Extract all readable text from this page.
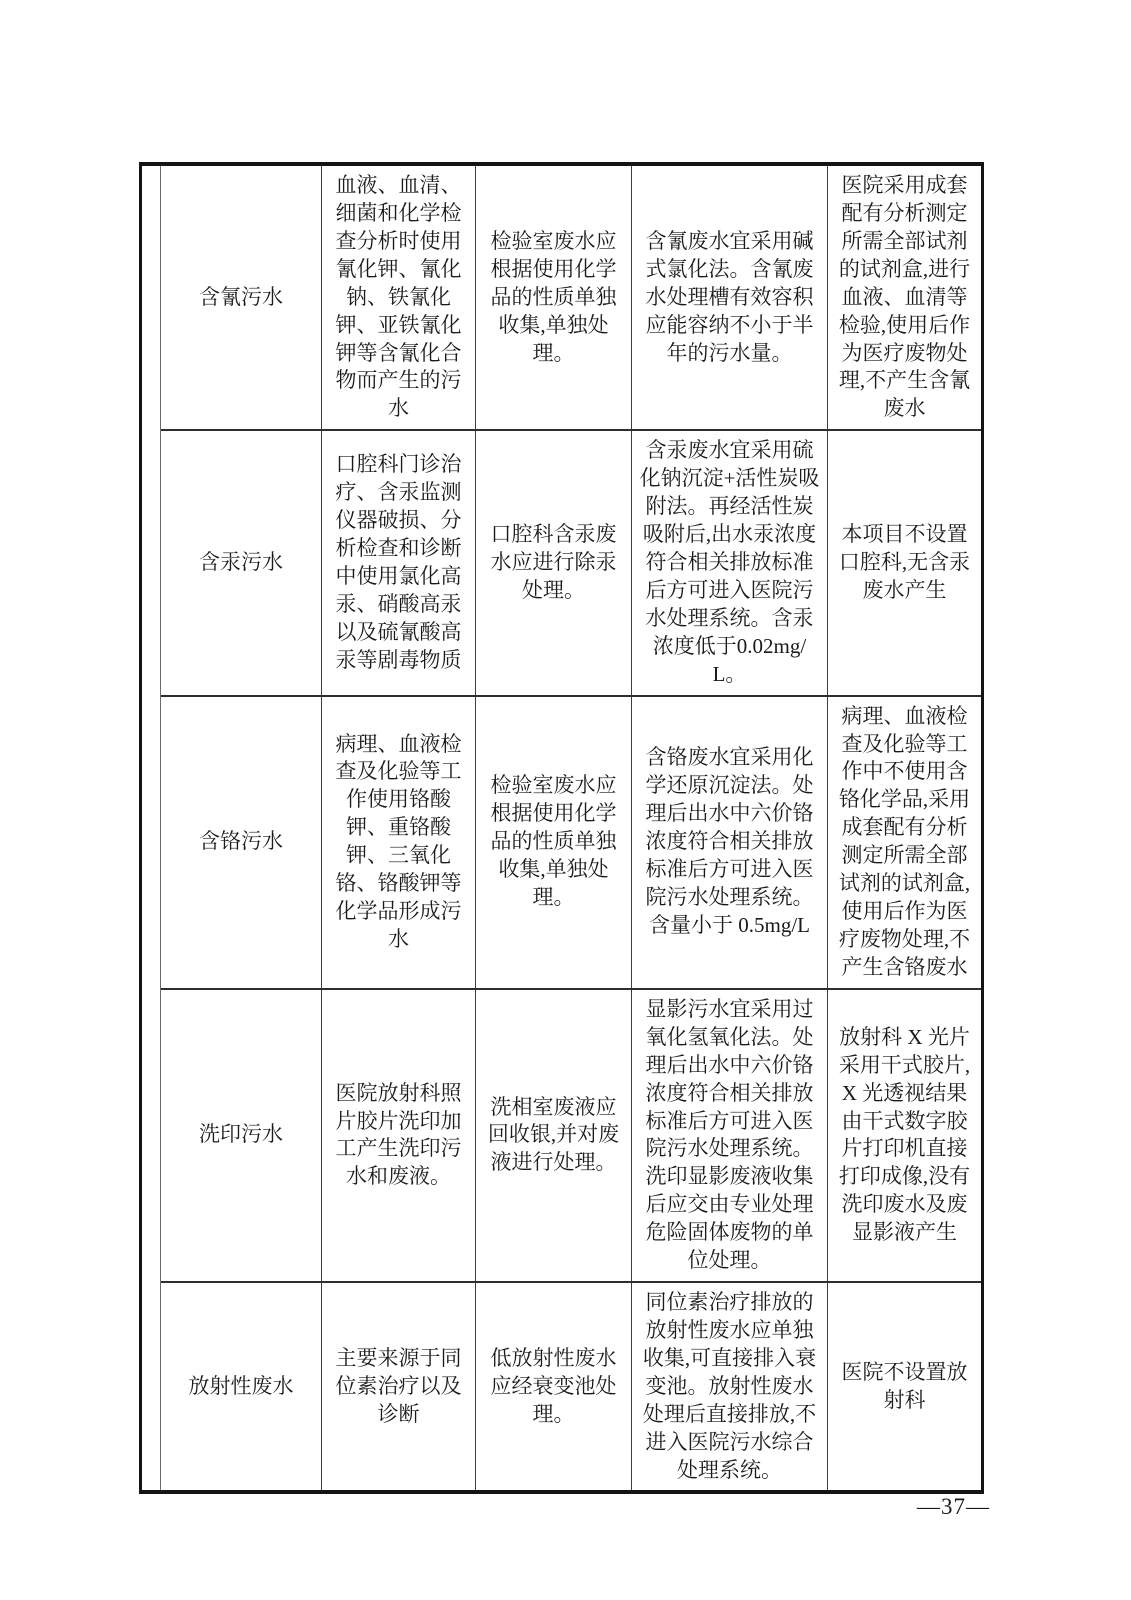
含氰污水
血液、血清、细菌和化学检查分析时使用氰化钾、氰化钠、铁氰化钾、亚铁氰化钾等含氰化合物而产生的污水
检验室废水应根据使用化学品的性质单独收集,单独处理。
含氰废水宜采用碱式氯化法。含氰废水处理槽有效容积应能容纳不小于半年的污水量。
医院采用成套配有分析测定所需全部试剂的试剂盒,进行血液、血清等检验,使用后作为医疗废物处理,不产生含氰废水
含汞污水
口腔科门诊治疗、含汞监测仪器破损、分析检查和诊断中使用氯化高汞、硝酸高汞以及硫氰酸高汞等剧毒物质
口腔科含汞废水应进行除汞处理。
含汞废水宜采用硫化钠沉淀+活性炭吸附法。再经活性炭吸附后,出水汞浓度符合相关排放标准后方可进入医院污水处理系统。含汞浓度低于0.02mg/L。
本项目不设置口腔科,无含汞废水产生
含铬污水
病理、血液检查及化验等工作使用铬酸钾、重铬酸钾、三氧化铬、铬酸钾等化学品形成污水
检验室废水应根据使用化学品的性质单独收集,单独处理。
含铬废水宜采用化学还原沉淀法。处理后出水中六价铬浓度符合相关排放标准后方可进入医院污水处理系统。含量小于 0.5mg/L
病理、血液检查及化验等工作中不使用含铬化学品,采用成套配有分析测定所需全部试剂的试剂盒,使用后作为医疗废物处理,不产生含铬废水
洗印污水
医院放射科照片胶片洗印加工产生洗印污水和废液。
洗相室废液应回收银,并对废液进行处理。
显影污水宜采用过氧化氢氧化法。处理后出水中六价铬浓度符合相关排放标准后方可进入医院污水处理系统。洗印显影废液收集后应交由专业处理危险固体废物的单位处理。
放射科 X 光片采用干式胶片,X 光透视结果由干式数字胶片打印机直接打印成像,没有洗印废水及废显影液产生
放射性废水
主要来源于同位素治疗以及诊断
低放射性废水应经衰变池处理。
同位素治疗排放的放射性废水应单独收集,可直接排入衰变池。放射性废水处理后直接排放,不进入医院污水综合处理系统。
医院不设置放射科
—37—
